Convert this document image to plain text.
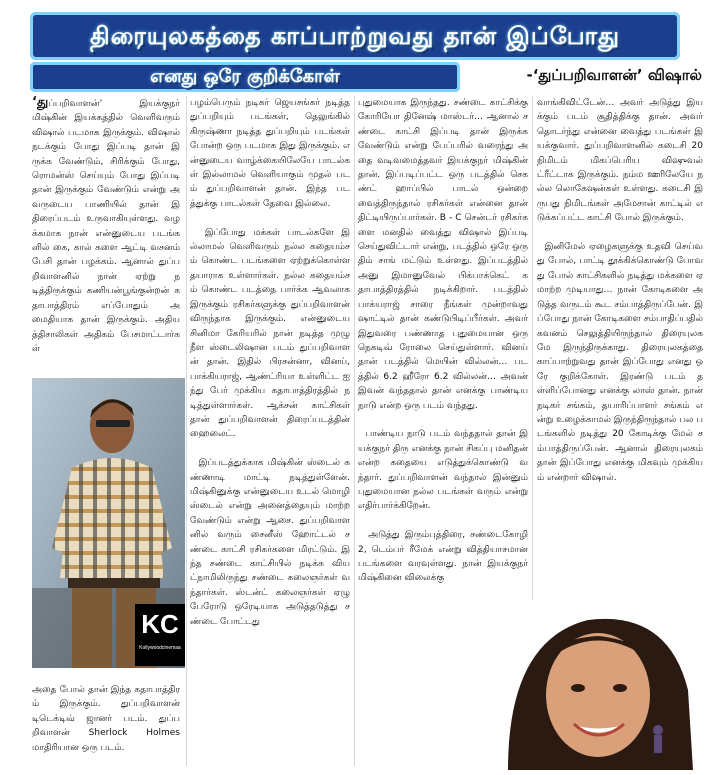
திரையுலகத்தை காப்பாற்றுவது தான் இப்போது
எனது ஒரே குறிக்கோள்	-‘துப்பறிவாளன்’ விஷால்
‘துப்பறிவாளன்’ இயக்குநர் மிஷ்கின் இயக்கத்தில் வெளிவரும் விஷால் படமாக இருக்கும். விஷால் நடக்கும் போது இப்படி தான் இருக்க வேண்டும், சிரிக்கும் போது, ரொமன்ஸ் செய்யும் போது இப்படி தான் இருக்கும் வேண்டும் என்று அவருடைய பாணியில் தான் இதிரைப்படம் உருவாகியுள்ளது. வழக்கமாக நான் என்னுடைய படங்களில் கை, கால் களை ஆட்டி வசனம் பேசி தான் பழக்கம். ஆனால் துப்பறிவாளனில் நான் ஏற்று நடித்திருக்கும் கணியன்பூங்குன்றன் கதாபாத்திரம் எப்போதும் அமைதியாக தான் இருக்கும். அதியத்திசாலிகள் அதிகம் பேசமாட்டார்கள்
KC
Kollywoodcinemaa
அதை போல் தான் இந்த கதாபாத்திரம் இருக்கும். துப்பறிவாளன் டிடெக்டிவ் ஜானர் படம். துப்பறிவாளன் Sherlock Holmes மாதிரியான ஒரு படம்.
பழம்பெரும் நடிகர் ஜெயசங்கர் நடித்த துப்பறியும் படங்கள், தெலுங்கில் கிருஷ்ணா நடித்த துப்பறியும் படங்கள் போன்ற ஒரு படமாக இது இருக்கும். என்னுடைய வாழ்க்கையிலேயே பாடல்கள் இல்லாமல் வெளியாகும் முதல் படம் துப்பறிவாளன் தான். இந்த படத்துக்கு பாடல்கள் தேவை இல்லை.

இப்போது மக்கள் பாடல்களே இல்லாமல் வெளிவரும் நல்ல கதையம்சம் கொண்ட படங்களை ஏற்றுக்கொள்ள தயாராக உள்ளார்கள். நல்ல கதையம்சம் கொண்ட படத்தை பார்க்க ஆவலாக இருக்கும் ரசிகர்களுக்கு துப்பறிவாளன் விருந்தாக இருக்கும். என்னுடைய சினிமா கேரியரில் நான் நடித்த முழு நீள ஸ்டைலிஷான படம் துப்பறிவாளன் தான். இதில் பிரசன்னா, வினய், பாக்கியராஜ், ஆண்ட்ரியா உள்ளிட்ட ஐந்து பேர் முக்கிய கதாபாத்திரத்தில் நடித்துள்ளார்கள். ஆக்சன் காட்சிகள் தான் துப்பறிவாளன் திரைப்படத்தின் ஹைலைட்.

இப்படத்துக்காக மிஷ்கின் ஸ்டைல் கண்ணாடி மாட்டி நடித்துள்ளேன். மிஷ்கினுக்கு என்னுடைய உடல் மொழி ஸ்டைல் என்று அனைத்தையும் மாற்ற வேண்டும் என்று ஆசை. துப்பறிவாளனில் வரும் சைனீஸ் ஹோட்டல் சண்டை காட்சி ரசிகர்களை மிரட்டும். இந்த சண்டை காட்சியில் நடிக்க வியட்நாமிலிருந்து சண்டை கலைஞர்கள் வந்தார்கள். ஸ்டன்ட் கலைஞர்கள் ஏழு பேரோடு ஒரேடியாக அடுத்தடுத்து சண்டை போட்டது
புதுமையாக இருந்தது. சண்டை காட்சிக்கு கோரியோ தினேஷ் மாஸ்டர்… ஆனால் சண்டை காட்சி இப்படி தான் இருக்க வேண்டும் என்று பேப்பரில் வரைந்து அதை வடிவமைத்தவர் இயக்குநர் மிஷ்கின் தான். இப்படிப்பட்ட ஒரு படத்தில் செகண்ட் ஹாப்பில் பாடல் ஒன்றை வைத்திருந்தால் ரசிகர்கள் என்னை தான் திட்டியிருப்பார்கள். B - C சென்டர் ரசிகர்களை மனதில் வைத்து விஷால் இப்படி செய்துவிட்டார் என்று, படத்தில் ஒரே ஒரு திம் சாங் மட்டும் உள்ளது. இப்படத்தில் அனு இமானுவேல் பிக்பாக்கெட் கதாபாத்திரத்தில் நடிக்கிறார். படத்தில் பாக்யராஜ் சாரை நீங்கள் முன்றாவது ஷாட்டில் தான் கண்டுபிடிப்பீர்கள். அவர் இதுவரை பண்ணாத புதுமையான ஒரு நெகடிவ் ரோலை செய்துள்ளார். வினய் தான் படத்தில் மெயின் வில்லன்… படத்தில் 6.2 ஹீரோ 6.2 வில்லன்… அவன் இவன் வந்ததால் தான் எனக்கு பாண்டிய நாடு என்ற ஒரு படம் வந்தது.

பாண்டிய நாடு படம் வந்ததால் தான் இயக்குநர் திரு எனக்கு நான் சிகப்பு மனிதன் என்ற கதையை எடுத்துக்கொண்டு வந்தார். துப்பறிவாளன் வந்தால் இன்னும் புதுமையான நல்ல படங்கள் வரும் என்று எதிர்பார்க்கிறேன்.

அடுத்து இரும்புத்திரை, சண்டைகோழி 2, டெம்பர் ரீமேக் என்று வித்தியாசமான படங்களை வரவுள்ளது. நான் இயக்குநர் மிஷ்கினை விலைக்கு
வாங்கிவிட்டேன்… அவர் அடுத்து இயக்கும் படம் சூதித்திக்கு தான். அவர் தொடர்ந்து என்னை வைத்து படங்கள் இயக்குவார். துப்பறிவாளனில் கடைசி 20 நிமிடம் மிகப்பெரிய விஷுவல் ட்ரீட்டாக இருக்கும். நம்ம ஊரிலேயே நல்ல லொகேஷன்கள் உள்ளது. கடைசி இருபது நிமிடங்கள் அமேசான் காட்டில் எடுக்கப்பட்ட காட்சி போல் இருக்கும்.

இனிமேல் ஏழைகளுக்கு உதவி செய்வது போல், பாட்டி தூக்கிக்கொண்டு போவது போல் காட்சிகளில் நடித்து மக்களை ஏமாற்ற முடியாது… நான் கோடிகளை அடுத்த வருடம் கூட சம்பாத்திருப்பேன். இப்போது நான் கோடிகளை சம்பாதிப்பதில் கவனம் செலுத்தியிருந்தால் திரையுலகமே இருந்திருக்காது. திரையுலகத்தை காப்பாற்றுவது தான் இப்போது எனது ஒரே குறிக்கோள். இரண்டு படம் தள்ளிப்போனது எனக்கு லாஸ் தான். நான் நடிகர் சங்கம், தயாரிப்பாளர் சங்கம் என்று உழைக்காமல் இருந்திருந்தால் பல படங்களில் நடித்து 20 கோடிக்கு மேல் சம்பாத்திருப்பேன். ஆனால் திரையுலகம் தான் இப்போது எனக்கு மிகவும் முக்கியம் என்றார் விஷால்.
